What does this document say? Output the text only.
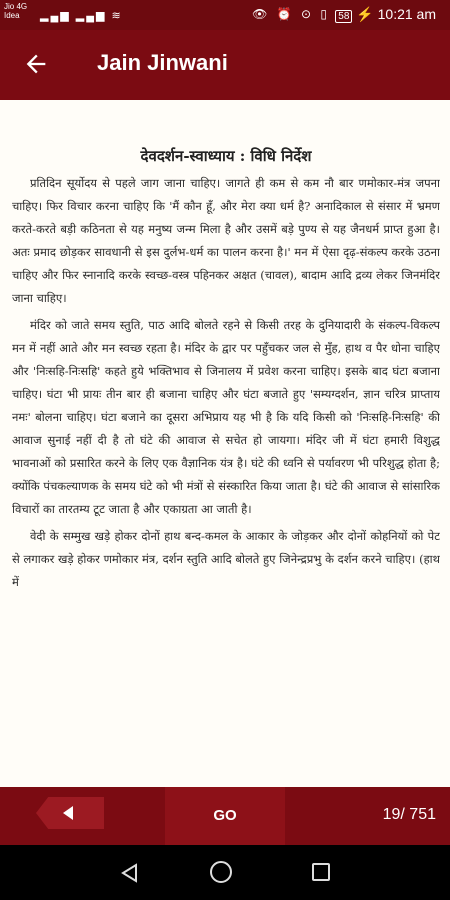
Jio 4G
Idea	▂▄▆ ▂▄▆ ≋	👁 ⏰ ⊙ ▯ 58 ⚡ 10:21 am
Jain Jinwani
देवदर्शन-स्वाध्याय : विधि निर्देश

प्रतिदिन सूर्योदय से पहले जाग जाना चाहिए। जागते ही कम से कम नौ बार णमोकार-मंत्र जपना चाहिए। फिर विचार करना चाहिए कि 'मैं कौन हूँ, और मेरा क्या धर्म है? अनादिकाल से संसार में भ्रमण करते-करते बड़ी कठिनता से यह मनुष्य जन्म मिला है और उसमें बड़े पुण्य से यह जैनधर्म प्राप्त हुआ है। अतः प्रमाद छोड़कर सावधानी से इस दुर्लभ-धर्म का पालन करना है।' मन में ऐसा दृढ़-संकल्प करके उठना चाहिए और फिर स्नानादि करके स्वच्छ-वस्त्र पहिनकर अक्षत (चावल), बादाम आदि द्रव्य लेकर जिनमंदिर जाना चाहिए।

मंदिर को जाते समय स्तुति, पाठ आदि बोलते रहने से किसी तरह के दुनियादारी के संकल्प-विकल्प मन में नहीं आते और मन स्वच्छ रहता है। मंदिर के द्वार पर पहुँचकर जल से मुँह, हाथ व पैर धोना चाहिए और 'निःसहि-निःसहि' कहते हुये भक्तिभाव से जिनालय में प्रवेश करना चाहिए। इसके बाद घंटा बजाना चाहिए। घंटा भी प्रायः तीन बार ही बजाना चाहिए और घंटा बजाते हुए 'सम्यग्दर्शन, ज्ञान चरित्र प्राप्ताय नमः' बोलना चाहिए। घंटा बजाने का दूसरा अभिप्राय यह भी है कि यदि किसी को 'निःसहि-निःसहि' की आवाज सुनाई नहीं दी है तो घंटे की आवाज से सचेत हो जायगा। मंदिर जी में घंटा हमारी विशुद्ध भावनाओं को प्रसारित करने के लिए एक वैज्ञानिक यंत्र है। घंटे की ध्वनि से पर्यावरण भी परिशुद्ध होता है; क्योंकि पंचकल्याणक के समय घंटे को भी मंत्रों से संस्कारित किया जाता है। घंटे की आवाज से सांसारिक विचारों का तारतम्य टूट जाता है और एकाग्रता आ जाती है।

वेदी के सम्मुख खड़े होकर दोनों हाथ बन्द-कमल के आकार के जोड़कर और दोनों कोहनियों को पेट से लगाकर खड़े होकर णमोकार मंत्र, दर्शन स्तुति आदि बोलते हुए जिनेन्द्रप्रभु के दर्शन करने चाहिए। (हाथ में

GO	19/ 751
